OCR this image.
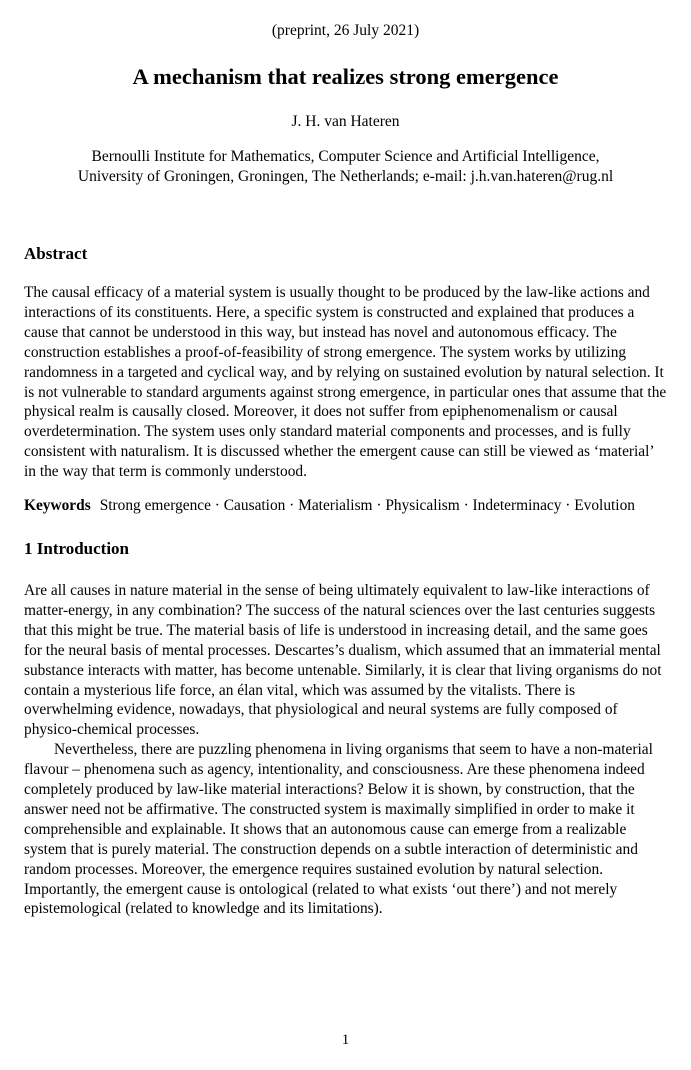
(preprint, 26 July 2021)

A mechanism that realizes strong emergence

J. H. van Hateren

Bernoulli Institute for Mathematics, Computer Science and Artificial Intelligence,
University of Groningen, Groningen, The Netherlands; e-mail: j.h.van.hateren@rug.nl

Abstract

The causal efficacy of a material system is usually thought to be produced by the law-like actions and interactions of its constituents. Here, a specific system is constructed and explained that produces a cause that cannot be understood in this way, but instead has novel and autonomous efficacy. The construction establishes a proof-of-feasibility of strong emergence. The system works by utilizing randomness in a targeted and cyclical way, and by relying on sustained evolution by natural selection. It is not vulnerable to standard arguments against strong emergence, in particular ones that assume that the physical realm is causally closed. Moreover, it does not suffer from epiphenomenalism or causal overdetermination. The system uses only standard material components and processes, and is fully consistent with naturalism. It is discussed whether the emergent cause can still be viewed as ‘material’ in the way that term is commonly understood.

Keywords Strong emergence · Causation · Materialism · Physicalism · Indeterminacy · Evolution

1 Introduction

Are all causes in nature material in the sense of being ultimately equivalent to law-like interactions of matter-energy, in any combination? The success of the natural sciences over the last centuries suggests that this might be true. The material basis of life is understood in increasing detail, and the same goes for the neural basis of mental processes. Descartes’s dualism, which assumed that an immaterial mental substance interacts with matter, has become untenable. Similarly, it is clear that living organisms do not contain a mysterious life force, an élan vital, which was assumed by the vitalists. There is overwhelming evidence, nowadays, that physiological and neural systems are fully composed of physico-chemical processes.

Nevertheless, there are puzzling phenomena in living organisms that seem to have a non-material flavour – phenomena such as agency, intentionality, and consciousness. Are these phenomena indeed completely produced by law-like material interactions? Below it is shown, by construction, that the answer need not be affirmative. The constructed system is maximally simplified in order to make it comprehensible and explainable. It shows that an autonomous cause can emerge from a realizable system that is purely material. The construction depends on a subtle interaction of deterministic and random processes. Moreover, the emergence requires sustained evolution by natural selection. Importantly, the emergent cause is ontological (related to what exists ‘out there’) and not merely epistemological (related to knowledge and its limitations).

1
